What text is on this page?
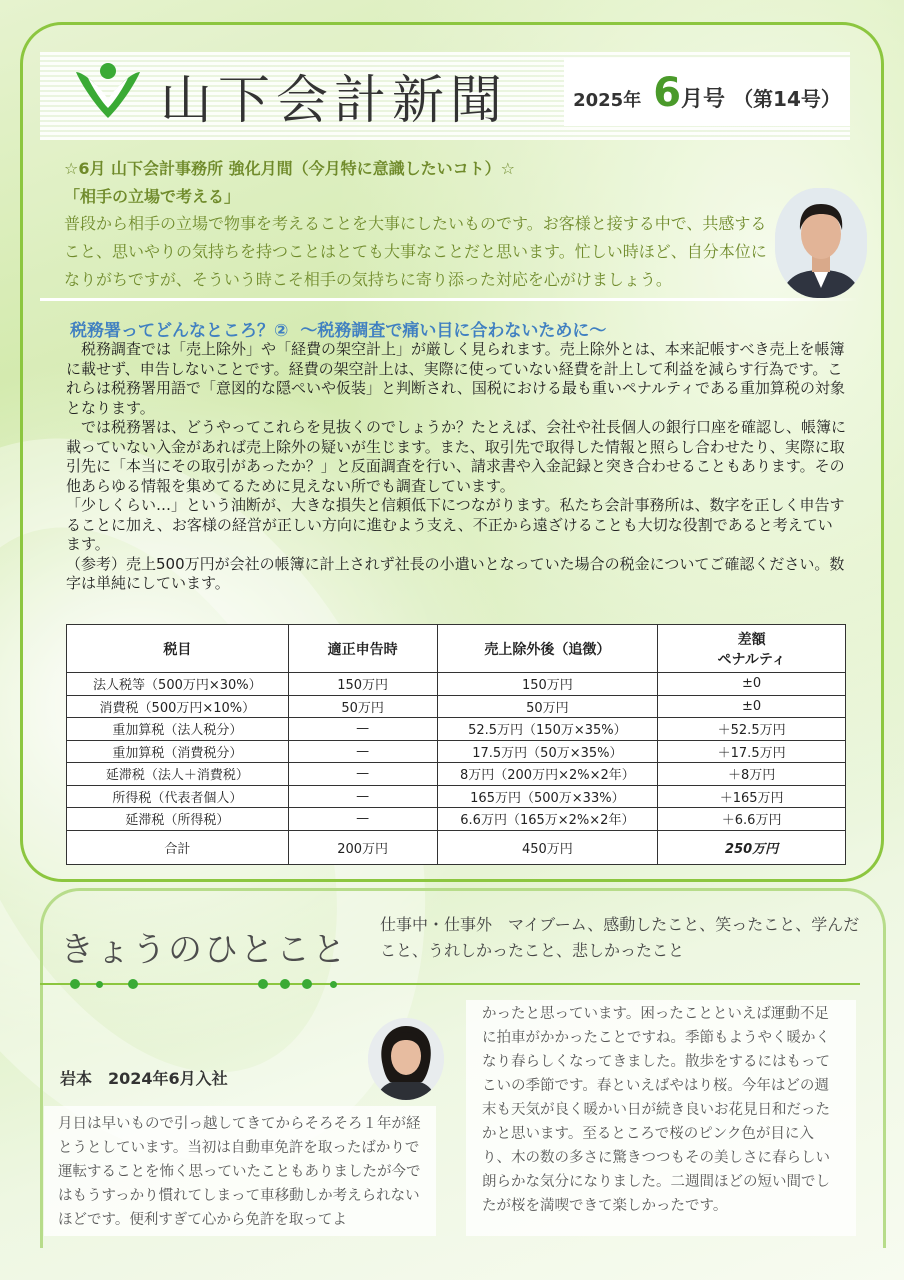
山下会計新聞	2025年 6 月号 （第14号）
☆6月 山下会計事務所 強化月間（今月特に意識したいコト）☆
「相手の立場で考える」
普段から相手の立場で物事を考えることを大事にしたいものです。お客様と接する中で、共感すること、思いやりの気持ちを持つことはとても大事なことだと思います。忙しい時ほど、自分本位になりがちですが、そういう時こそ相手の気持ちに寄り添った対応を心がけましょう。
税務署ってどんなところ？② ～税務調査で痛い目に合わないために～

　税務調査では「売上除外」や「経費の架空計上」が厳しく見られます。売上除外とは、本来記帳すべき売上を帳簿に載せず、申告しないことです。経費の架空計上は、実際に使っていない経費を計上して利益を減らす行為です。これらは税務署用語で「意図的な隠ぺいや仮装」と判断され、国税における最も重いペナルティである重加算税の対象となります。

　では税務署は、どうやってこれらを見抜くのでしょうか？たとえば、会社や社長個人の銀行口座を確認し、帳簿に載っていない入金があれば売上除外の疑いが生じます。また、取引先で取得した情報と照らし合わせたり、実際に取引先に「本当にその取引があったか？」と反面調査を行い、請求書や入金記録と突き合わせることもあります。その他あらゆる情報を集めてるために見えない所でも調査しています。

「少しくらい…」という油断が、大きな損失と信頼低下につながります。私たち会計事務所は、数字を正しく申告することに加え、お客様の経営が正しい方向に進むよう支え、不正から遠ざけることも大切な役割であると考えています。

（参考）売上500万円が会社の帳簿に計上されず社長の小遣いとなっていた場合の税金についてご確認ください。数字は単純にしています。

税目	適正申告時	売上除外後（追徴）	差額
ペナルティ
法人税等（500万円×30%）	150万円	150万円	±0
消費税（500万円×10%）	50万円	50万円	±0
重加算税（法人税分）	—	52.5万円（150万×35%）	＋52.5万円
重加算税（消費税分）	—	17.5万円（50万×35%）	＋17.5万円
延滞税（法人＋消費税）	—	8万円（200万円×2%×2年）	＋8万円
所得税（代表者個人）	—	165万円（500万×33%）	＋165万円
延滞税（所得税）	—	6.6万円（165万×2%×2年）	＋6.6万円
合計	200万円	450万円	250万円
きょうのひとこと
仕事中・仕事外　マイブーム、感動したこと、笑ったこと、学んだこと、うれしかったこと、悲しかったこと
岩本　2024年6月入社
月日は早いもので引っ越してきてからそろそろ１年が経とうとしています。当初は自動車免許を取ったばかりで運転することを怖く思っていたこともありましたが今ではもうすっかり慣れてしまって車移動しか考えられないほどです。便利すぎて心から免許を取ってよ
かったと思っています。困ったことといえば運動不足に拍車がかかったことですね。季節もようやく暖かくなり春らしくなってきました。散歩をするにはもってこいの季節です。春といえばやはり桜。今年はどの週末も天気が良く暖かい日が続き良いお花見日和だったかと思います。至るところで桜のピンク色が目に入り、木の数の多さに驚きつつもその美しさに春らしい朗らかな気分になりました。二週間ほどの短い間でしたが桜を満喫できて楽しかったです。
